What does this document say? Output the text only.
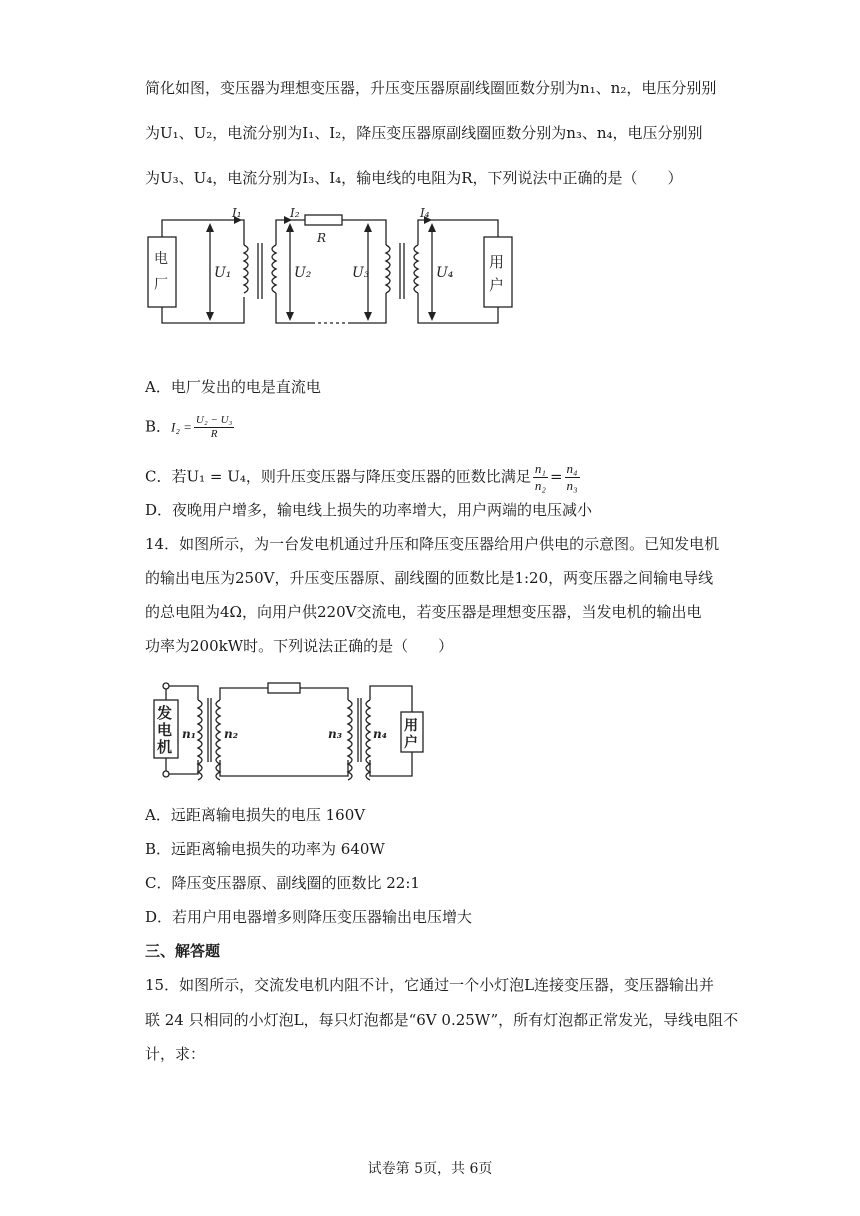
简化如图，变压器为理想变压器，升压变压器原副线圈匝数分别为n₁、n₂，电压分别别
为U₁、U₂，电流分别为I₁、I₂，降压变压器原副线圈匝数分别为n₃、n₄，电压分别别
为U₃、U₄，电流分别为I₃、I₄，输电线的电阻为R，下列说法中正确的是（　　）
电
厂
用
户
I₁	I₂	I₄
R
U₁	U₂	U₃	U₄
A．电厂发出的电是直流电
B．$I_2 = \frac{\text{U₂ − U₃}}{R}$
C．若U₁ = U₄，则升压变压器与降压变压器的匝数比满足 $\frac{\text{n₁}}{\text{n₂}} = \frac{\text{n₄}}{\text{n₃}}$
D．夜晚用户增多，输电线上损失的功率增大，用户两端的电压减小
14．如图所示，为一台发电机通过升压和降压变压器给用户供电的示意图。已知发电机
的输出电压为250V，升压变压器原、副线圈的匝数比是1:20，两变压器之间输电导线
的总电阻为4Ω，向用户供220V交流电，若变压器是理想变压器，当发电机的输出电
功率为200kW时。下列说法正确的是（　　）
发
电
机
n₁ n₂	n₃	n₄ 用
户
A．远距离输电损失的电压 160V
B．远距离输电损失的功率为 640W
C．降压变压器原、副线圈的匝数比 22:1
D．若用户用电器增多则降压变压器输出电压增大
三、解答题
15．如图所示，交流发电机内阻不计，它通过一个小灯泡L连接变压器，变压器输出并
联 24 只相同的小灯泡L，每只灯泡都是“6V 0.25W”，所有灯泡都正常发光，导线电阻不
计，求：
试卷第 5页，共 6页
